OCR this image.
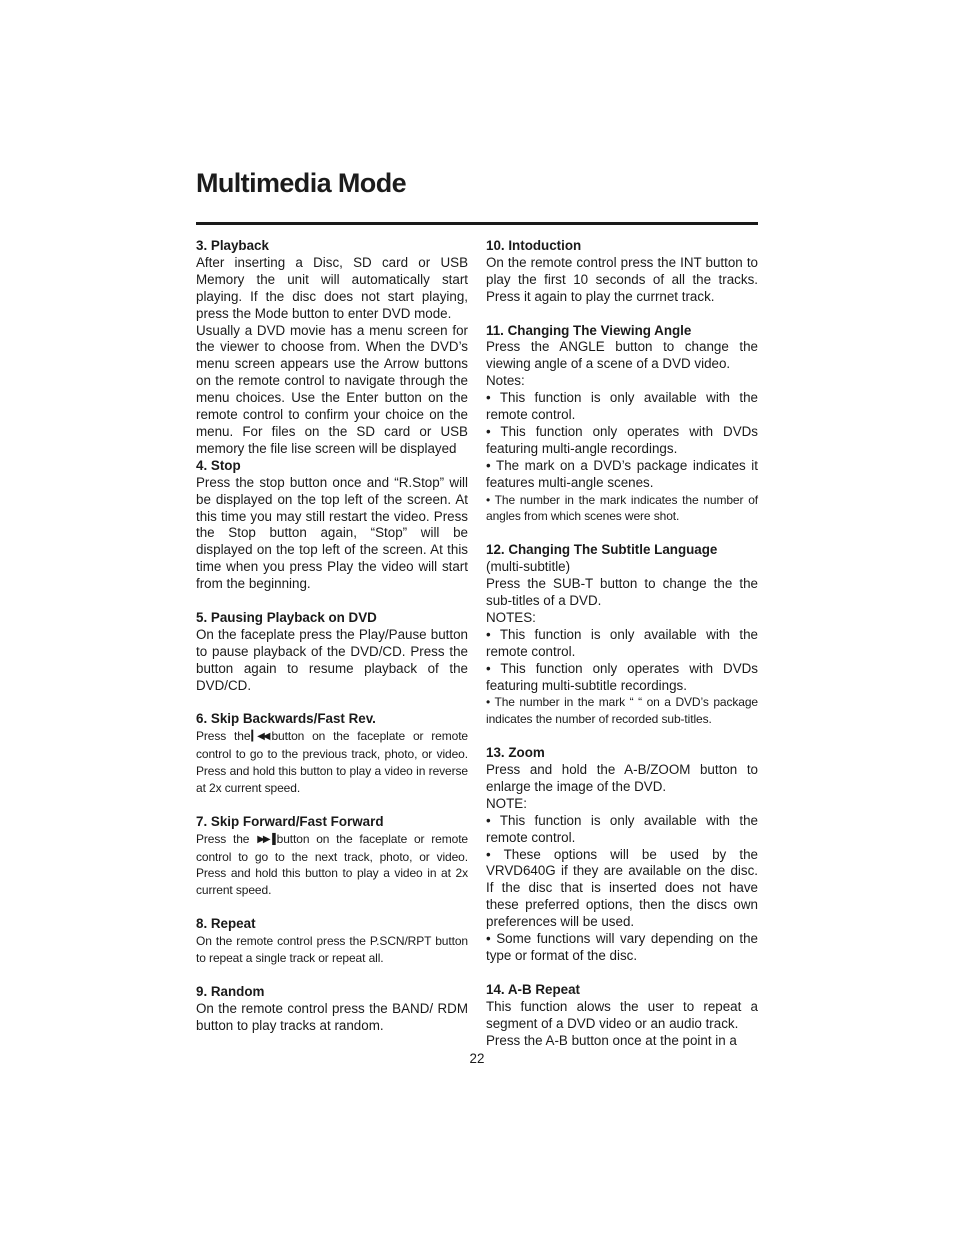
Multimedia Mode

3. Playback

After inserting a Disc, SD card or USB Memory the unit will automatically start playing. If the disc does not start playing, press the Mode button to enter DVD mode.

Usually a DVD movie has a menu screen for the viewer to choose from. When the DVD’s menu screen appears use the Arrow buttons on the remote control to navigate through the menu choices. Use the Enter button on the remote control to confirm your choice on the menu. For files on the SD card or USB memory the file lise screen will be displayed

4. Stop

Press the stop button once and “R.Stop” will be displayed on the top left of the screen. At this time you may still restart the video. Press the Stop button again, “Stop” will be displayed on the top left of the screen. At this time when you press Play the video will start from the beginning.

5. Pausing Playback on DVD

On the faceplate press the Play/Pause button to pause playback of the DVD/CD. Press the button again to resume playback of the DVD/CD.

6. Skip Backwards/Fast Rev.

Press the▎◀◀ button on the faceplate or remote control to go to the previous track, photo, or video. Press and hold this button to play a video in reverse at 2x current speed.

7. Skip Forward/Fast Forward

Press the ▶▶▐ button on the faceplate or remote control to go to the next track, photo, or video. Press and hold this button to play a video in at 2x current speed.

8. Repeat

On the remote control press the P.SCN/RPT button to repeat a single track or repeat all.

9. Random

On the remote control press the BAND/ RDM button to play tracks at random.

10. Intoduction

On the remote control press the INT button to play the first 10 seconds of all the tracks. Press it again to play the currnet track.

11. Changing The Viewing Angle

Press the ANGLE button to change the viewing angle of a scene of a DVD video.

Notes:

• This function is only available with the remote control.

• This function only operates with DVDs featuring multi-angle recordings.

• The mark on a DVD’s package indicates it features multi-angle scenes.

• The number in the mark indicates the number of angles from which scenes were shot.

12. Changing The Subtitle Language

(multi-subtitle)

Press the SUB-T button to change the the sub-titles of a DVD.

NOTES:

• This function is only available with the remote control.

• This function only operates with DVDs featuring multi-subtitle recordings.

• The number in the mark “ “ on a DVD’s package indicates the number of recorded sub-titles.

13. Zoom

Press and hold the A-B/ZOOM button to enlarge the image of the DVD.

NOTE:

• This function is only available with the remote control.

• These options will be used by the VRVD640G if they are available on the disc. If the disc that is inserted does not have these preferred options, then the discs own preferences will be used.

• Some functions will vary depending on the type or format of the disc.

14. A-B Repeat

This function alows the user to repeat a segment of a DVD video or an audio track.

Press the A-B button once at the point in a

22
